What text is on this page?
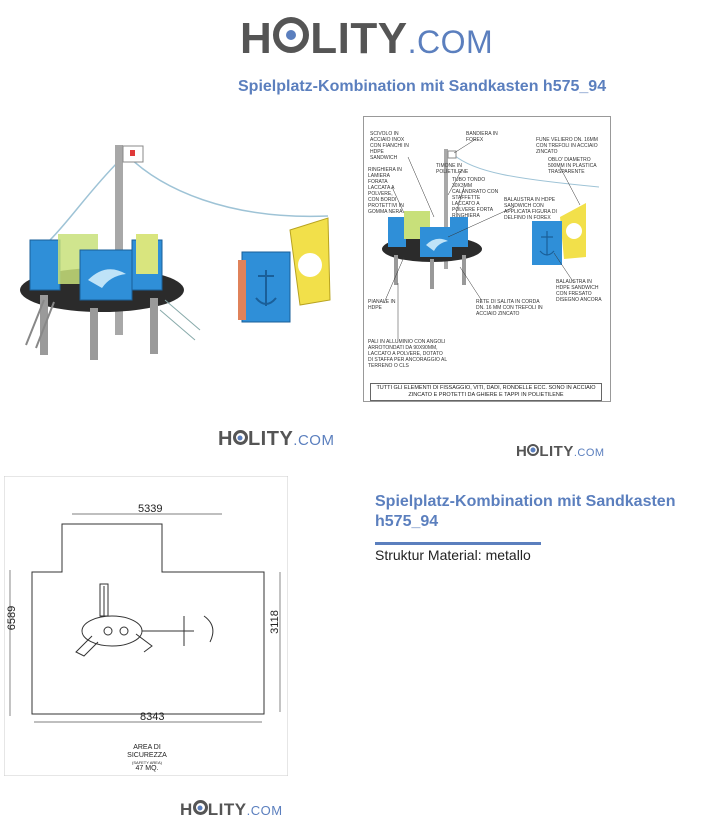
H LITY.COM
Spielplatz-Kombination mit Sandkasten h575_94
SCIVOLO IN ACCIAIO INOX CON FIANCHI IN HDPE SANDWICH
BANDIERA IN FOREX	FUNE VELIERO DN. 16MM CON TREFOLI IN ACCIAIO ZINCATO
OBLO' DIAMETRO 500MM IN PLASTICA TRASPARENTE
RINGHIERA IN LAMIERA FORATA LACCATA A POLVERE, CON BORDI PROTETTIVI IN GOMMA NERA
TIMONE IN POLIETILENE
TUBO TONDO 30X3MM CALANDRATO CON STAFFETTE LACCATO A POLVERE FORTA RINGHIERA
BALAUSTRA IN HDPE SANDWICH CON APPLICATA FIGURA DI DELFINO IN FOREX
PIANALE IN HDPE
RETE DI SALITA IN CORDA DN. 16 MM CON TREFOLI IN ACCIAIO ZINCATO
BALAUSTRA IN HDPE SANDWICH CON FRESATO DISEGNO ANCORA
PALI IN ALLUMINIO CON ANGOLI ARROTONDATI DA 90X90MM, LACCATO A POLVERE, DOTATO DI STAFFA PER ANCORAGGIO AL TERRENO O CLS
TUTTI GLI ELEMENTI DI FISSAGGIO, VITI, DADI, RONDELLE ECC. SONO IN ACCIAIO ZINCATO E PROTETTI DA GHIERE E TAPPI IN POLIETILENE
H LITY.COM
H LITY.COM
5339
6589	3118
8343
AREA DI SICUREZZA
(SAFETY AREA)
47 MQ.
Spielplatz-Kombination mit Sandkasten
h575_94
Struktur Material: metallo
H LITY.COM
